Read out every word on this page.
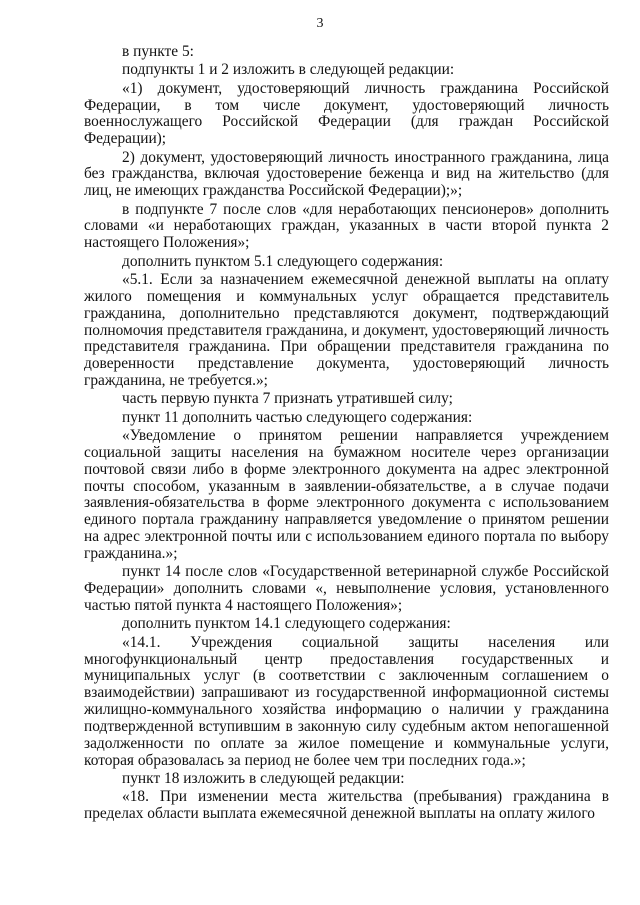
3

в пункте 5:

подпункты 1 и 2 изложить в следующей редакции:

«1) документ, удостоверяющий личность гражданина Российской Федерации, в том числе документ, удостоверяющий личность военнослужащего Российской Федерации (для граждан Российской Федерации);

2) документ, удостоверяющий личность иностранного гражданина, лица без гражданства, включая удостоверение беженца и вид на жительство (для лиц, не имеющих гражданства Российской Федерации);»;

в подпункте 7 после слов «для неработающих пенсионеров» дополнить словами «и неработающих граждан, указанных в части второй пункта 2 настоящего Положения»;

дополнить пунктом 5.1 следующего содержания:

«5.1. Если за назначением ежемесячной денежной выплаты на оплату жилого помещения и коммунальных услуг обращается представитель гражданина, дополнительно представляются документ, подтверждающий полномочия представителя гражданина, и документ, удостоверяющий личность представителя гражданина. При обращении представителя гражданина по доверенности представление документа, удостоверяющий личность гражданина, не требуется.»;

часть первую пункта 7 признать утратившей силу;

пункт 11 дополнить частью следующего содержания:

«Уведомление о принятом решении направляется учреждением социальной защиты населения на бумажном носителе через организации почтовой связи либо в форме электронного документа на адрес электронной почты способом, указанным в заявлении-обязательстве, а в случае подачи заявления-обязательства в форме электронного документа с использованием единого портала гражданину направляется уведомление о принятом решении на адрес электронной почты или с использованием единого портала по выбору гражданина.»;

пункт 14 после слов «Государственной ветеринарной службе Российской Федерации» дополнить словами «, невыполнение условия, установленного частью пятой пункта 4 настоящего Положения»;

дополнить пунктом 14.1 следующего содержания:

«14.1. Учреждения социальной защиты населения или многофункциональный центр предоставления государственных и муниципальных услуг (в соответствии с заключенным соглашением о взаимодействии) запрашивают из государственной информационной системы жилищно-коммунального хозяйства информацию о наличии у гражданина подтвержденной вступившим в законную силу судебным актом непогашенной задолженности по оплате за жилое помещение и коммунальные услуги, которая образовалась за период не более чем три последних года.»;

пункт 18 изложить в следующей редакции:

«18. При изменении места жительства (пребывания) гражданина в пределах области выплата ежемесячной денежной выплаты на оплату жилого
